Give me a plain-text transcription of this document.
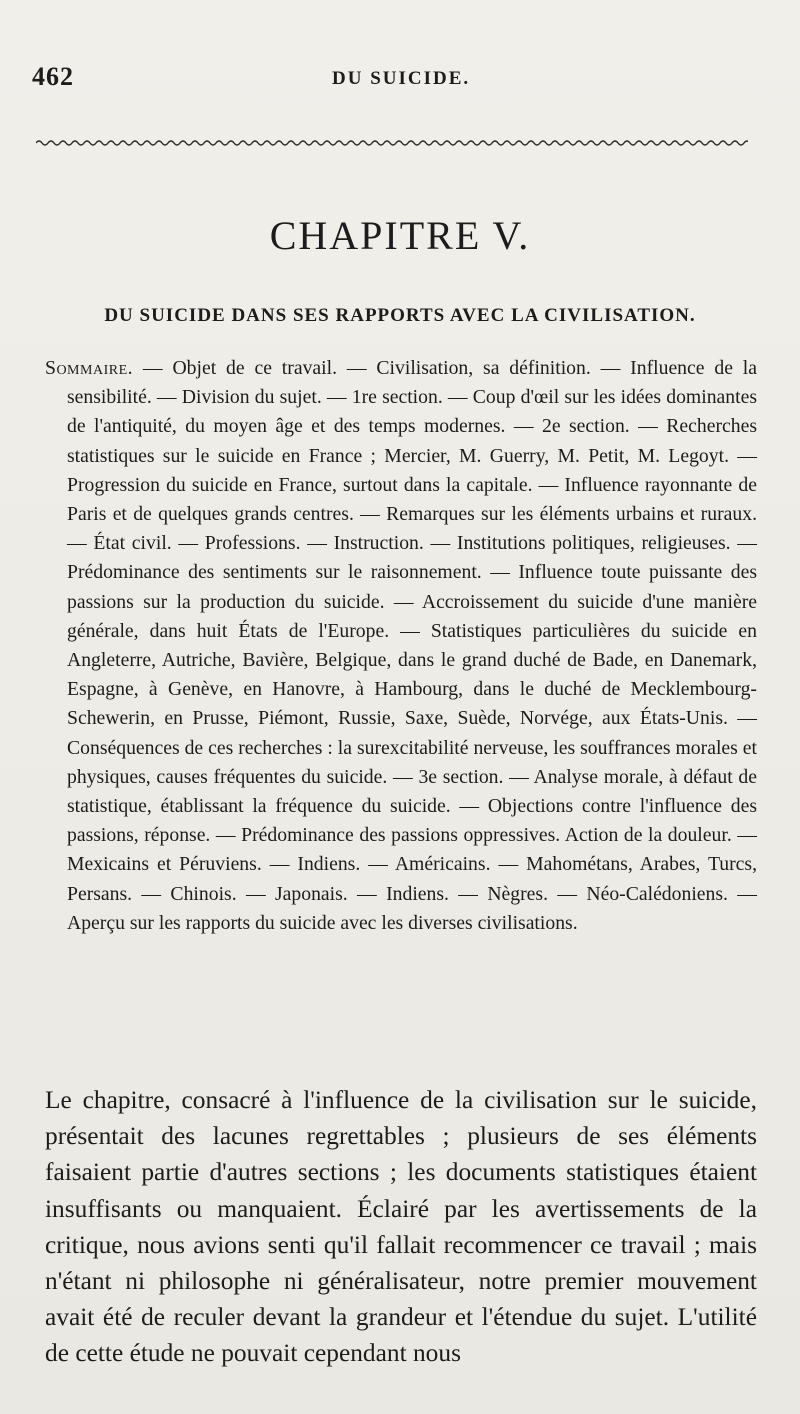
462	DU SUICIDE.
CHAPITRE V.
DU SUICIDE DANS SES RAPPORTS AVEC LA CIVILISATION.
Sommaire. — Objet de ce travail. — Civilisation, sa définition. — Influence de la sensibilité. — Division du sujet. — 1re section. — Coup d'œil sur les idées dominantes de l'antiquité, du moyen âge et des temps modernes. — 2e section. — Recherches statistiques sur le suicide en France ; Mercier, M. Guerry, M. Petit, M. Legoyt. — Progression du suicide en France, surtout dans la capitale. — Influence rayonnante de Paris et de quelques grands centres. — Remarques sur les éléments urbains et ruraux. — État civil. — Professions. — Instruction. — Institutions politiques, religieuses. — Prédominance des sentiments sur le raisonnement. — Influence toute puissante des passions sur la production du suicide. — Accroissement du suicide d'une manière générale, dans huit États de l'Europe. — Statistiques particulières du suicide en Angleterre, Autriche, Bavière, Belgique, dans le grand duché de Bade, en Danemark, Espagne, à Genève, en Hanovre, à Hambourg, dans le duché de Mecklembourg-Schewerin, en Prusse, Piémont, Russie, Saxe, Suède, Norvége, aux États-Unis. — Conséquences de ces recherches : la surexcitabilité nerveuse, les souffrances morales et physiques, causes fréquentes du suicide. — 3e section. — Analyse morale, à défaut de statistique, établissant la fréquence du suicide. — Objections contre l'influence des passions, réponse. — Prédominance des passions oppressives. Action de la douleur. — Mexicains et Péruviens. — Indiens. — Américains. — Mahométans, Arabes, Turcs, Persans. — Chinois. — Japonais. — Indiens. — Nègres. — Néo-Calédoniens. — Aperçu sur les rapports du suicide avec les diverses civilisations.
Le chapitre, consacré à l'influence de la civilisation sur le suicide, présentait des lacunes regrettables ; plusieurs de ses éléments faisaient partie d'autres sections ; les documents statistiques étaient insuffisants ou manquaient. Éclairé par les avertissements de la critique, nous avions senti qu'il fallait recommencer ce travail ; mais n'étant ni philosophe ni généralisateur, notre premier mouvement avait été de reculer devant la grandeur et l'étendue du sujet. L'utilité de cette étude ne pouvait cependant nous
